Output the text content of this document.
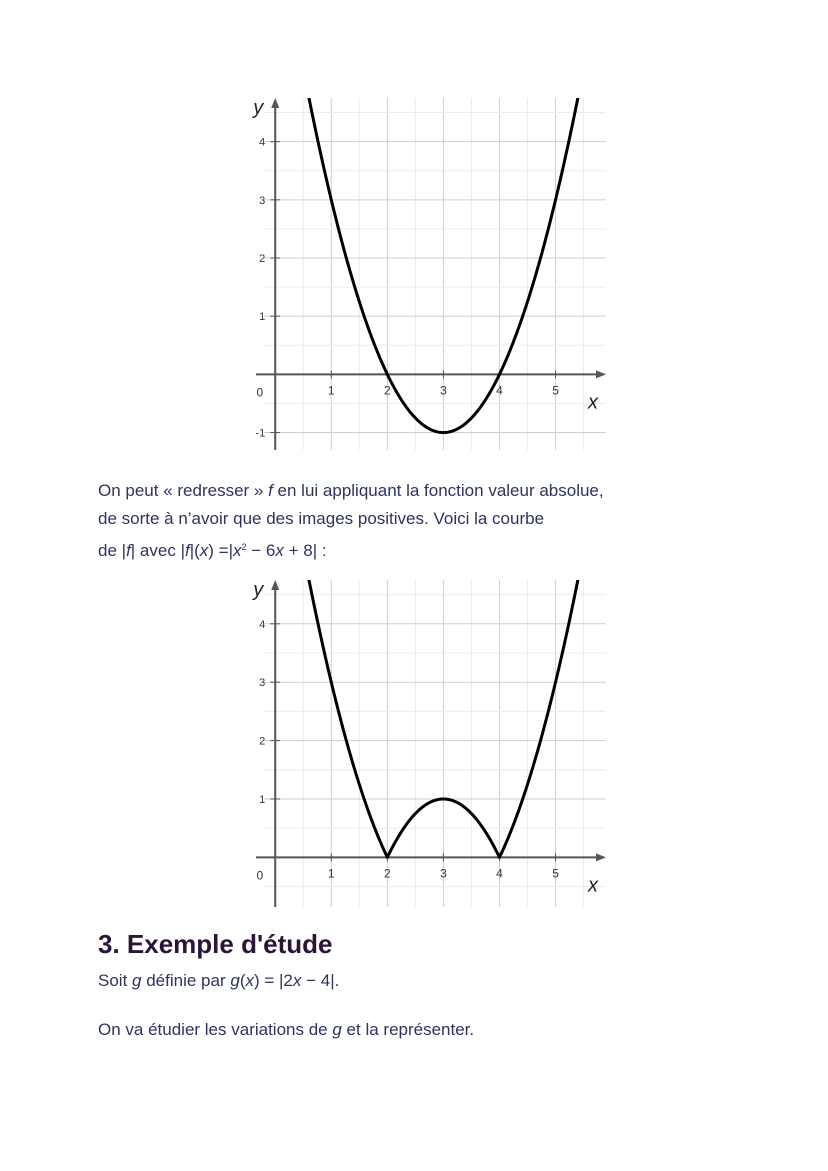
1	2	3	4	5
-1
1
2
3
4
0	x
y

On peut « redresser » f en lui appliquant la fonction valeur absolue,
de sorte à n’avoir que des images positives. Voici la courbe
de |f| avec $|f|(x) =|x^2 - 6x + 8|$ :

1	2	3	4	5
1
2
3
4
0	x
y
3. Exemple d'étude

Soit g définie par g(x) = |2x − 4|.

On va étudier les variations de g et la représenter.
